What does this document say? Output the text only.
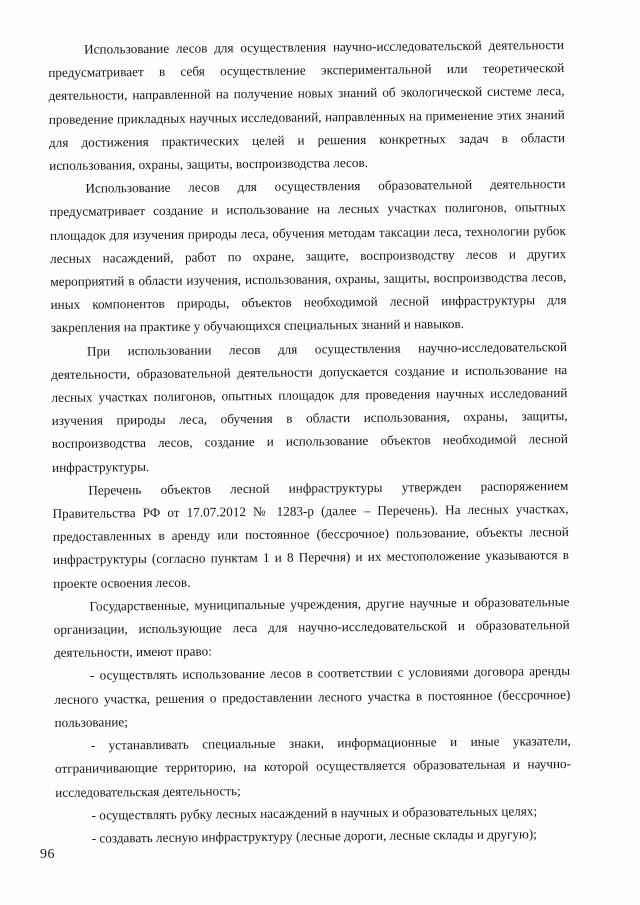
Использование лесов для осуществления научно-исследовательской деятельности предусматривает в себя осуществление экспериментальной или теоретической деятельности, направленной на получение новых знаний об экологической системе леса, проведение прикладных научных исследований, направленных на применение этих знаний для достижения практических целей и решения конкретных задач в области использования, охраны, защиты, воспроизводства лесов.

Использование лесов для осуществления образовательной деятельности предусматривает создание и использование на лесных участках полигонов, опытных площадок для изучения природы леса, обучения методам таксации леса, технологии рубок лесных насаждений, работ по охране, защите, воспроизводству лесов и других мероприятий в области изучения, использования, охраны, защиты, воспроизводства лесов, иных компонентов природы, объектов необходимой лесной инфраструктуры для закрепления на практике у обучающихся специальных знаний и навыков.

При использовании лесов для осуществления научно-исследовательской деятельности, образовательной деятельности допускается создание и использование на лесных участках полигонов, опытных площадок для проведения научных исследований изучения природы леса, обучения в области использования, охраны, защиты, воспроизводства лесов, создание и использование объектов необходимой лесной инфраструктуры.

Перечень объектов лесной инфраструктуры утвержден распоряжением Правительства РФ от 17.07.2012 № 1283-р (далее – Перечень). На лесных участках, предоставленных в аренду или постоянное (бессрочное) пользование, объекты лесной инфраструктуры (согласно пунктам 1 и 8 Перечня) и их местоположение указываются в проекте освоения лесов.

Государственные, муниципальные учреждения, другие научные и образовательные организации, использующие леса для научно-исследовательской и образовательной деятельности, имеют право:

- осуществлять использование лесов в соответствии с условиями договора аренды лесного участка, решения о предоставлении лесного участка в постоянное (бессрочное) пользование;

- устанавливать специальные знаки, информационные и иные указатели, отграничивающие территорию, на которой осуществляется образовательная и научно-исследовательская деятельность;

- осуществлять рубку лесных насаждений в научных и образовательных целях;

- создавать лесную инфраструктуру (лесные дороги, лесные склады и другую);

96
